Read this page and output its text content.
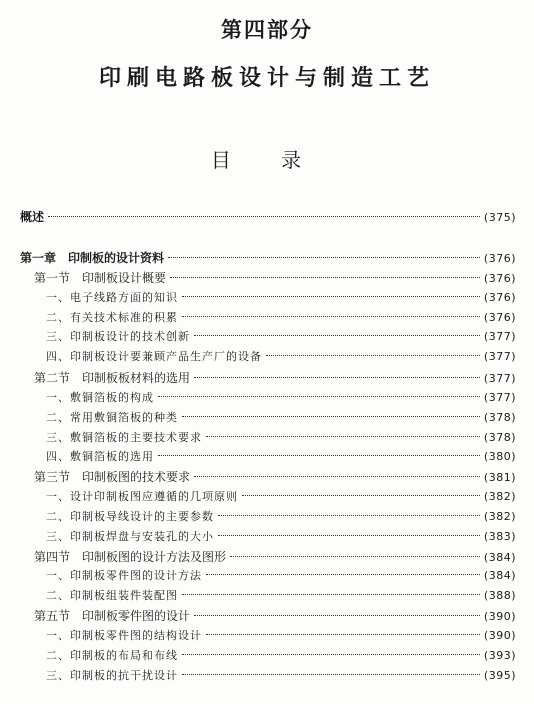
第四部分
印刷电路板设计与制造工艺
目 录
概述	(375)
第一章　印制板的设计资料	(376)
第一节　印制板设计概要	(376)
一、电子线路方面的知识	(376)
二、有关技术标准的积累	(376)
三、印制板设计的技术创新	(377)
四、印制板设计要兼顾产品生产厂的设备	(377)
第二节　印制板板材料的选用	(377)
一、敷铜箔板的构成	(377)
二、常用敷铜箔板的种类	(378)
三、敷铜箔板的主要技术要求	(378)
四、敷铜箔板的选用	(380)
第三节　印制板图的技术要求	(381)
一、设计印制板图应遵循的几项原则	(382)
二、印制板导线设计的主要参数	(382)
三、印制板焊盘与安装孔的大小	(383)
第四节　印制板图的设计方法及图形	(384)
一、印制板零件图的设计方法	(384)
二、印制板组装件装配图	(388)
第五节　印制板零件图的设计	(390)
一、印制板零件图的结构设计	(390)
二、印制板的布局和布线	(393)
三、印制板的抗干扰设计	(395)
